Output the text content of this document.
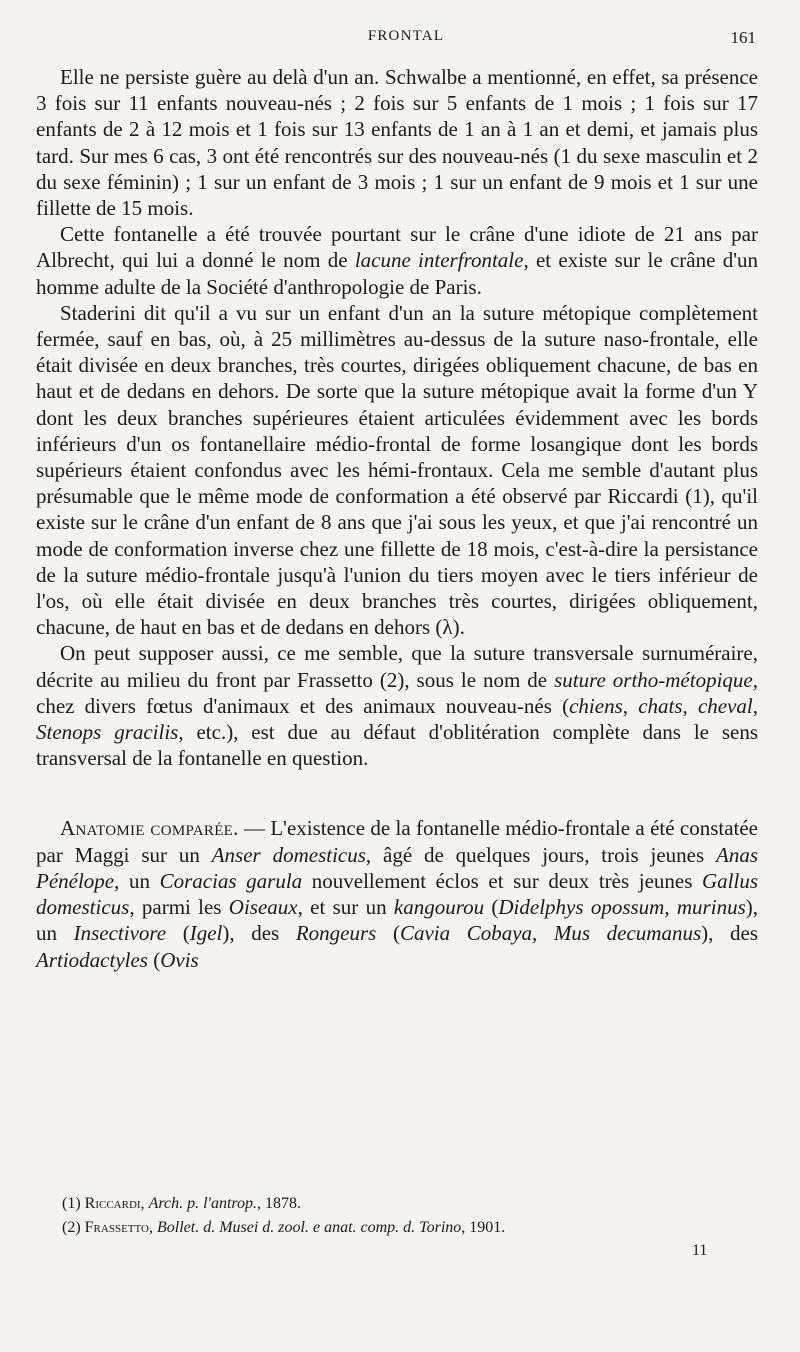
FRONTAL	161

Elle ne persiste guère au delà d'un an. Schwalbe a mentionné, en effet, sa présence 3 fois sur 11 enfants nouveau-nés ; 2 fois sur 5 enfants de 1 mois ; 1 fois sur 17 enfants de 2 à 12 mois et 1 fois sur 13 enfants de 1 an à 1 an et demi, et jamais plus tard. Sur mes 6 cas, 3 ont été rencontrés sur des nouveau-nés (1 du sexe masculin et 2 du sexe féminin) ; 1 sur un enfant de 3 mois ; 1 sur un enfant de 9 mois et 1 sur une fillette de 15 mois.

Cette fontanelle a été trouvée pourtant sur le crâne d'une idiote de 21 ans par Albrecht, qui lui a donné le nom de lacune interfrontale, et existe sur le crâne d'un homme adulte de la Société d'anthropologie de Paris.

Staderini dit qu'il a vu sur un enfant d'un an la suture métopique complètement fermée, sauf en bas, où, à 25 millimètres au-dessus de la suture naso-frontale, elle était divisée en deux branches, très courtes, dirigées obliquement chacune, de bas en haut et de dedans en dehors. De sorte que la suture métopique avait la forme d'un Y dont les deux branches supérieures étaient articulées évidemment avec les bords inférieurs d'un os fontanellaire médio-frontal de forme losangique dont les bords supérieurs étaient confondus avec les hémi-frontaux. Cela me semble d'autant plus présumable que le même mode de conformation a été observé par Riccardi (1), qu'il existe sur le crâne d'un enfant de 8 ans que j'ai sous les yeux, et que j'ai rencontré un mode de conformation inverse chez une fillette de 18 mois, c'est-à-dire la persistance de la suture médio-frontale jusqu'à l'union du tiers moyen avec le tiers inférieur de l'os, où elle était divisée en deux branches très courtes, dirigées obliquement, chacune, de haut en bas et de dedans en dehors (λ).

On peut supposer aussi, ce me semble, que la suture transversale surnuméraire, décrite au milieu du front par Frassetto (2), sous le nom de suture ortho-métopique, chez divers fœtus d'animaux et des animaux nouveau-nés (chiens, chats, cheval, Stenops gracilis, etc.), est due au défaut d'oblitération complète dans le sens transversal de la fontanelle en question.

Anatomie comparée. — L'existence de la fontanelle médio-frontale a été constatée par Maggi sur un Anser domesticus, âgé de quelques jours, trois jeunes Anas Pénélope, un Coracias garula nouvellement éclos et sur deux très jeunes Gallus domesticus, parmi les Oiseaux, et sur un kangourou (Didelphys opossum, murinus), un Insectivore (Igel), des Rongeurs (Cavia Cobaya, Mus decumanus), des Artiodactyles (Ovis

(1) Riccardi, Arch. p. l'antrop., 1878.

(2) Frassetto, Bollet. d. Musei d. zool. e anat. comp. d. Torino, 1901.

11
